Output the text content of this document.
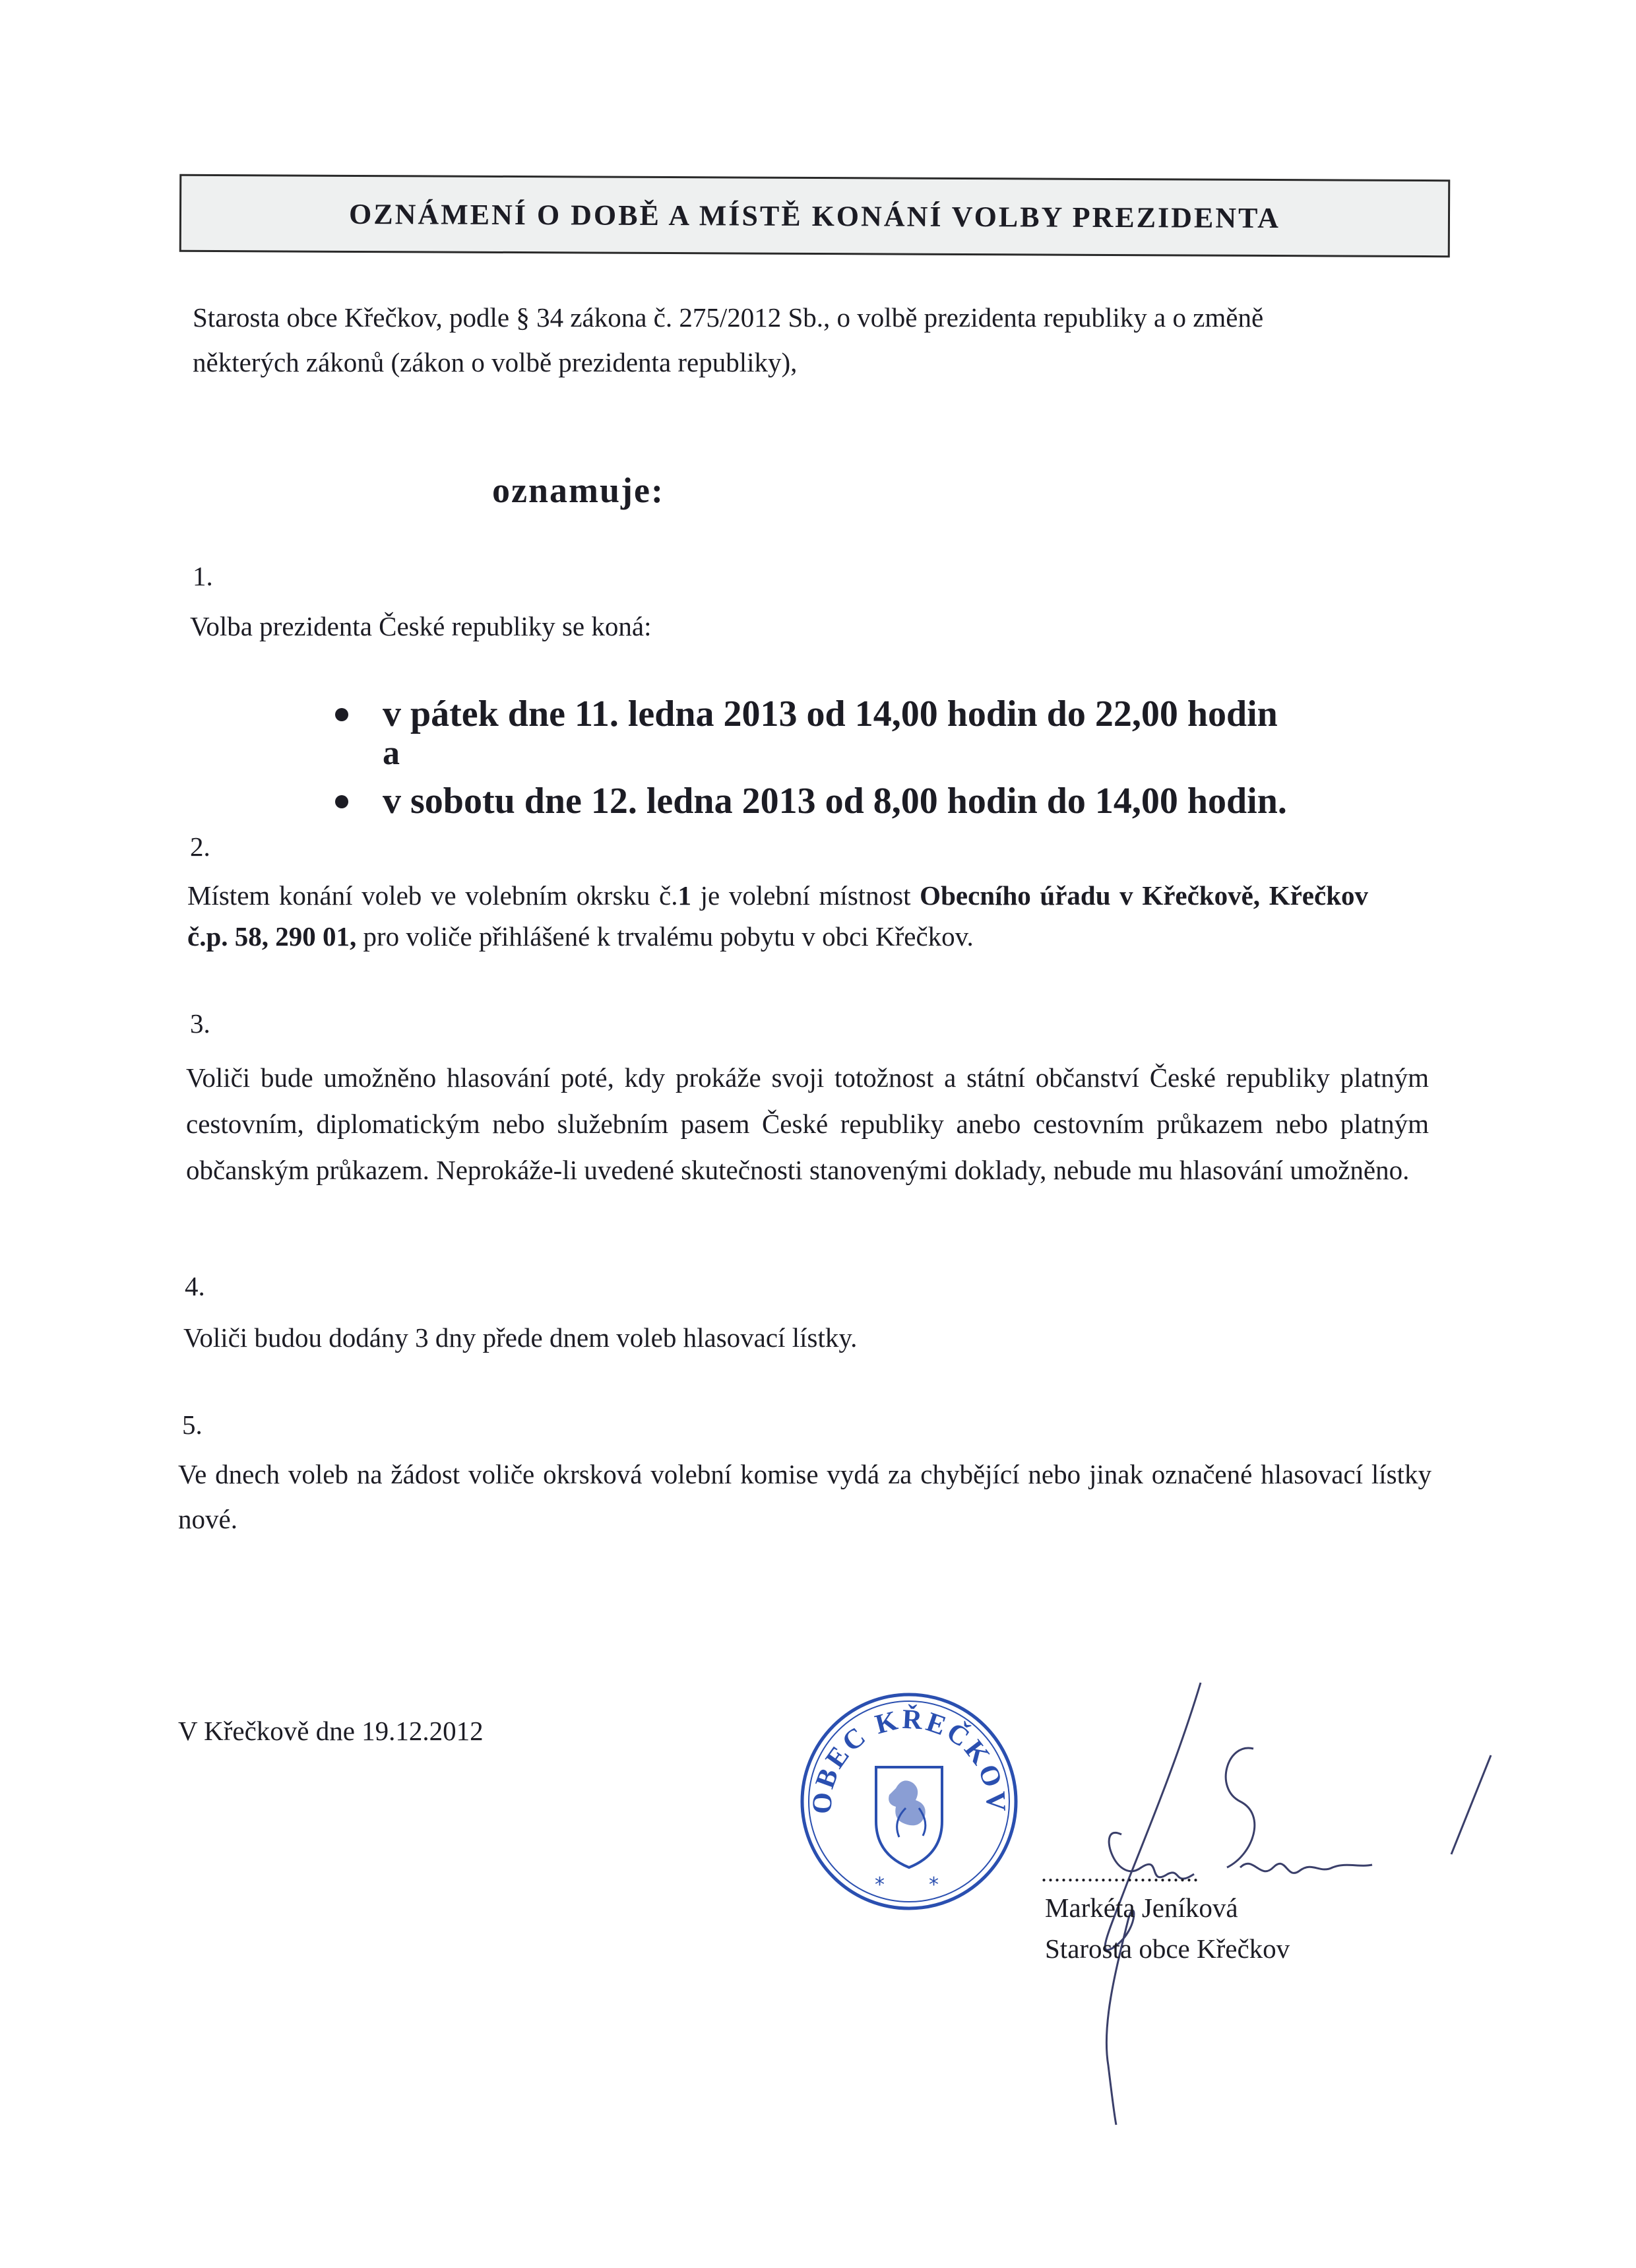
OZNÁMENÍ O DOBĚ A MÍSTĚ KONÁNÍ VOLBY PREZIDENTA
Starosta obce Křečkov, podle § 34 zákona č. 275/2012 Sb., o volbě prezidenta republiky a o změně
některých zákonů (zákon o volbě prezidenta republiky),
oznamuje:
1.
Volba prezidenta České republiky se koná:
v pátek dne 11. ledna 2013 od 14,00 hodin do 22,00 hodin
a
v sobotu dne 12. ledna 2013 od 8,00 hodin do 14,00 hodin.
2.
Místem konání voleb ve volebním okrsku č.1 je volební místnost Obecního úřadu v Křečkově, Křečkov č.p. 58, 290 01, pro voliče přihlášené k trvalému pobytu v obci Křečkov.
3.
Voliči bude umožněno hlasování poté, kdy prokáže svoji totožnost a státní občanství České republiky platným cestovním, diplomatickým nebo služebním pasem České republiky anebo cestovním průkazem nebo platným občanským průkazem. Neprokáže-li uvedené skutečnosti stanovenými doklady, nebude mu hlasování umožněno.
4.
Voliči budou dodány 3 dny přede dnem voleb hlasovací lístky.
5.
Ve dnech voleb na žádost voliče okrsková volební komise vydá za chybějící nebo jinak označené hlasovací lístky nové.
V Křečkově dne 19.12.2012
OBEC KŘEČKOV
* *	........................
Markéta Jeníková
Starosta obce Křečkov
